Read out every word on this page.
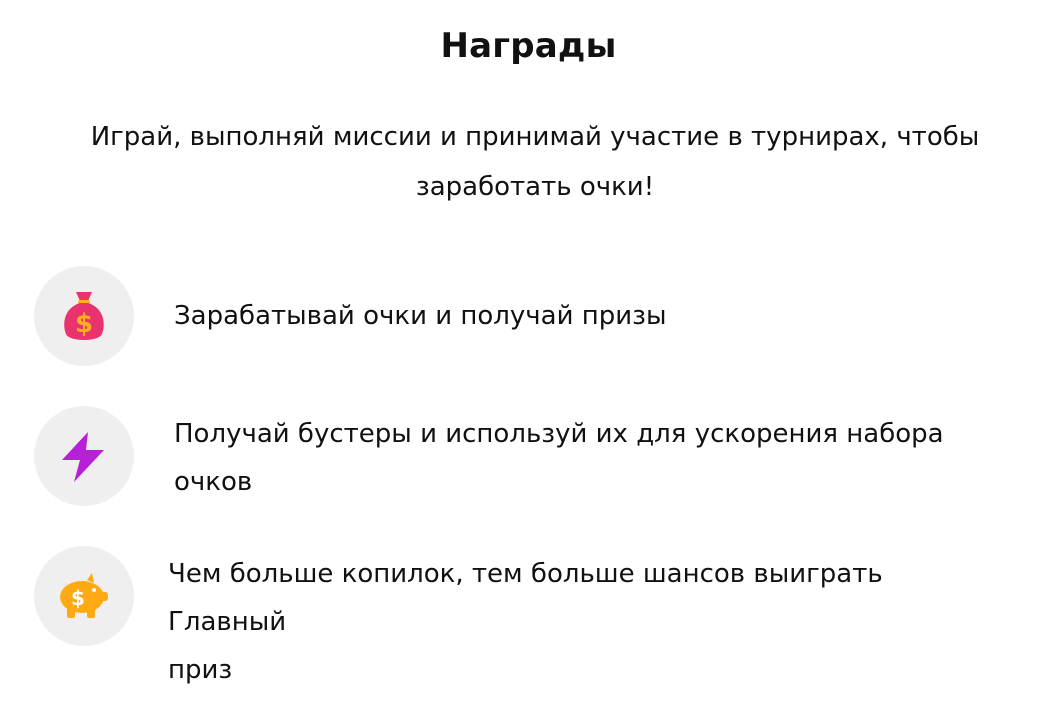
Награды
Играй, выполняй миссии и принимай участие в турнирах, чтобы
заработать очки!
$	Зарабатывай очки и получай призы
Получай бустеры и используй их для ускорения набора
очков
$
Чем больше копилок, тем больше шансов выиграть Главный
приз
